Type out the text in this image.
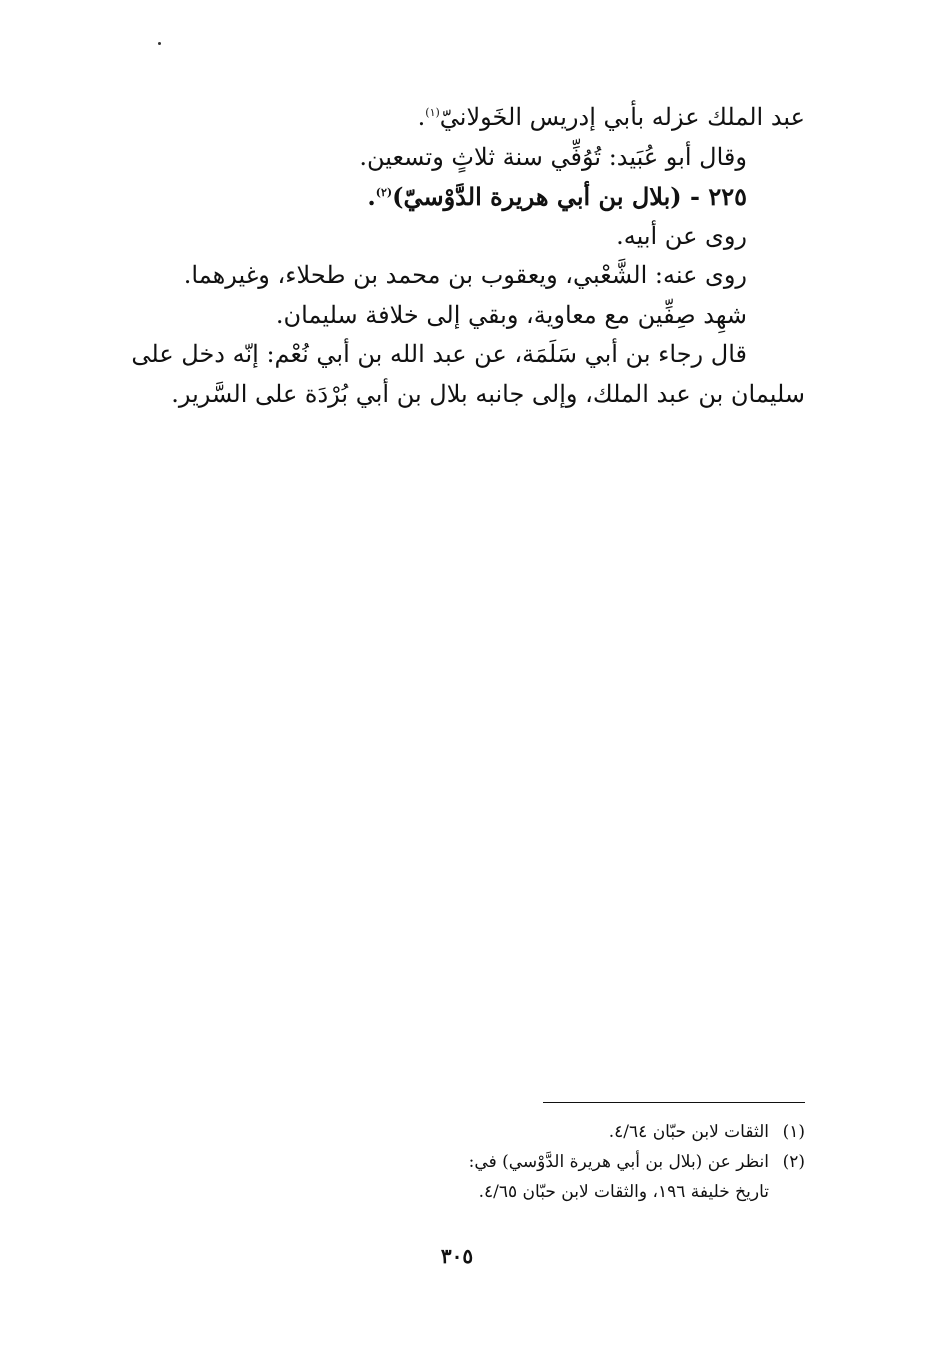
عبد الملك عزله بأبي إدريس الخَولانيّ$^{(١)}$.

وقال أبو عُبَيد: تُوُفِّي سنة ثلاثٍ وتسعين.

٢٢٥ - (بلال بن أبي هريرة الدَّوْسيّ)$^{(٢)}$.

روى عن أبيه.

روى عنه: الشَّعْبي، ويعقوب بن محمد بن طحلاء، وغيرهما.

شهِد صِفِّين مع معاوية، وبقي إلى خلافة سليمان.

قال رجاء بن أبي سَلَمَة، عن عبد الله بن أبي نُعْم: إنّه دخل على

سليمان بن عبد الملك، وإلى جانبه بلال بن أبي بُرْدَة على السَّرير.

(١)الثقات لابن حبّان ٤/٦٤.

(٢)انظر عن (بلال بن أبي هريرة الدَّوْسي) في:

تاريخ خليفة ١٩٦، والثقات لابن حبّان ٤/٦٥.

٣٠٥
